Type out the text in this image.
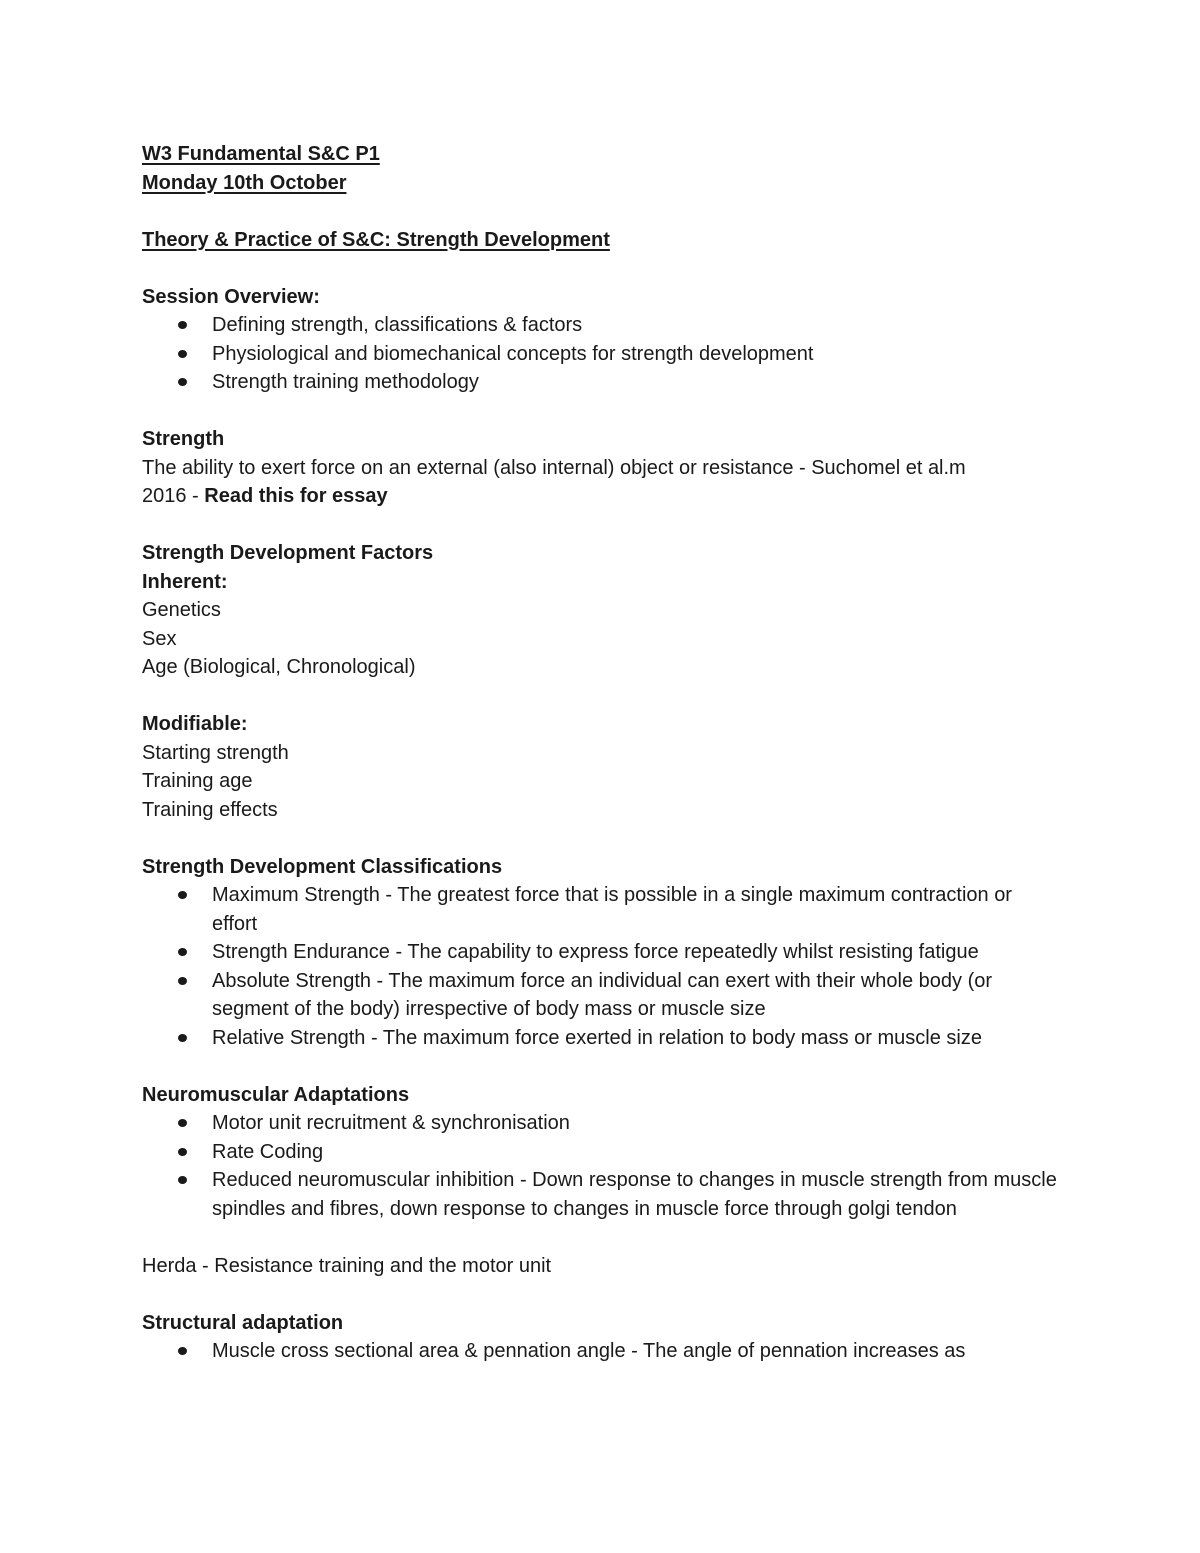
W3 Fundamental S&C P1

Monday 10th October

Theory & Practice of S&C: Strength Development

Session Overview:

Defining strength, classifications & factors
Physiological and biomechanical concepts for strength development
Strength training methodology

Strength

The ability to exert force on an external (also internal) object or resistance - Suchomel et al.m

2016 - Read this for essay

Strength Development Factors

Inherent:

Genetics

Sex

Age (Biological, Chronological)

Modifiable:

Starting strength

Training age

Training effects

Strength Development Classifications

Maximum Strength - The greatest force that is possible in a single maximum contraction or effort
Strength Endurance - The capability to express force repeatedly whilst resisting fatigue
Absolute Strength - The maximum force an individual can exert with their whole body (or segment of the body) irrespective of body mass or muscle size
Relative Strength - The maximum force exerted in relation to body mass or muscle size

Neuromuscular Adaptations

Motor unit recruitment & synchronisation
Rate Coding
Reduced neuromuscular inhibition - Down response to changes in muscle strength from muscle spindles and fibres, down response to changes in muscle force through golgi tendon

Herda - Resistance training and the motor unit

Structural adaptation

Muscle cross sectional area & pennation angle - The angle of pennation increases as
